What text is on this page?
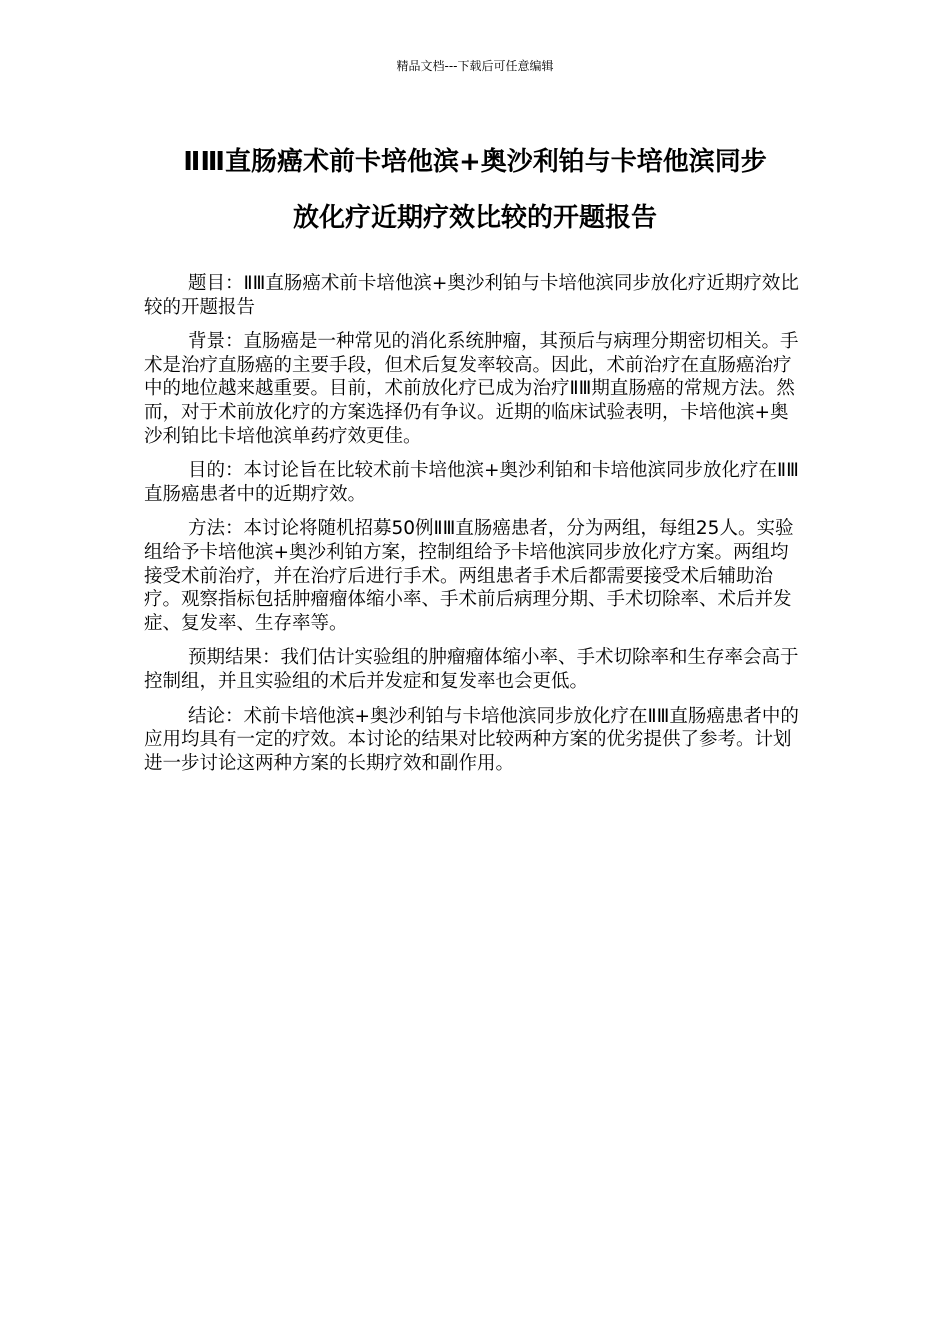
精品文档---下载后可任意编辑
ⅡⅢ直肠癌术前卡培他滨+奥沙利铂与卡培他滨同步
放化疗近期疗效比较的开题报告

题目：ⅡⅢ直肠癌术前卡培他滨+奥沙利铂与卡培他滨同步放化疗近期疗效比较的开题报告

背景：直肠癌是一种常见的消化系统肿瘤，其预后与病理分期密切相关。手术是治疗直肠癌的主要手段，但术后复发率较高。因此，术前治疗在直肠癌治疗中的地位越来越重要。目前，术前放化疗已成为治疗ⅡⅢ期直肠癌的常规方法。然而，对于术前放化疗的方案选择仍有争议。近期的临床试验表明，卡培他滨+奥沙利铂比卡培他滨单药疗效更佳。

目的：本讨论旨在比较术前卡培他滨+奥沙利铂和卡培他滨同步放化疗在ⅡⅢ直肠癌患者中的近期疗效。

方法：本讨论将随机招募50例ⅡⅢ直肠癌患者，分为两组，每组25人。实验组给予卡培他滨+奥沙利铂方案，控制组给予卡培他滨同步放化疗方案。两组均接受术前治疗，并在治疗后进行手术。两组患者手术后都需要接受术后辅助治疗。观察指标包括肿瘤瘤体缩小率、手术前后病理分期、手术切除率、术后并发症、复发率、生存率等。

预期结果：我们估计实验组的肿瘤瘤体缩小率、手术切除率和生存率会高于控制组，并且实验组的术后并发症和复发率也会更低。

结论：术前卡培他滨+奥沙利铂与卡培他滨同步放化疗在ⅡⅢ直肠癌患者中的应用均具有一定的疗效。本讨论的结果对比较两种方案的优劣提供了参考。计划进一步讨论这两种方案的长期疗效和副作用。
